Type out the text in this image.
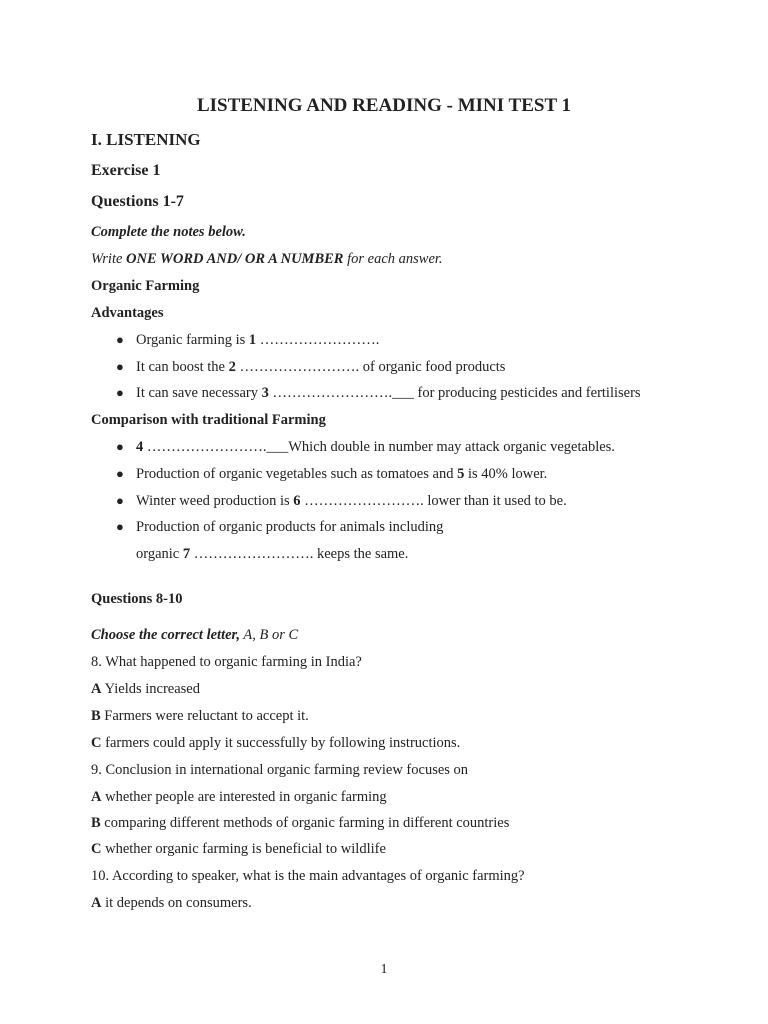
LISTENING AND READING - MINI TEST 1
I. LISTENING
Exercise 1
Questions 1-7
Complete the notes below.
Write ONE WORD AND/ OR A NUMBER for each answer.
Organic Farming
Advantages
● Organic farming is 1 …………………….
● It can boost the 2 ……………………. of organic food products
● It can save necessary 3 …………………….___ for producing pesticides and fertilisers
Comparison with traditional Farming
● 4 …………………….___Which double in number may attack organic vegetables.
● Production of organic vegetables such as tomatoes and 5 is 40% lower.
● Winter weed production is 6 ……………………. lower than it used to be.
● Production of organic products for animals including
organic 7 ……………………. keeps the same.
Questions 8-10
Choose the correct letter, A, B or C
8. What happened to organic farming in India?
A Yields increased
B Farmers were reluctant to accept it.
C farmers could apply it successfully by following instructions.
9. Conclusion in international organic farming review focuses on
A whether people are interested in organic farming
B comparing different methods of organic farming in different countries
C whether organic farming is beneficial to wildlife
10. According to speaker, what is the main advantages of organic farming?
A it depends on consumers.
1
